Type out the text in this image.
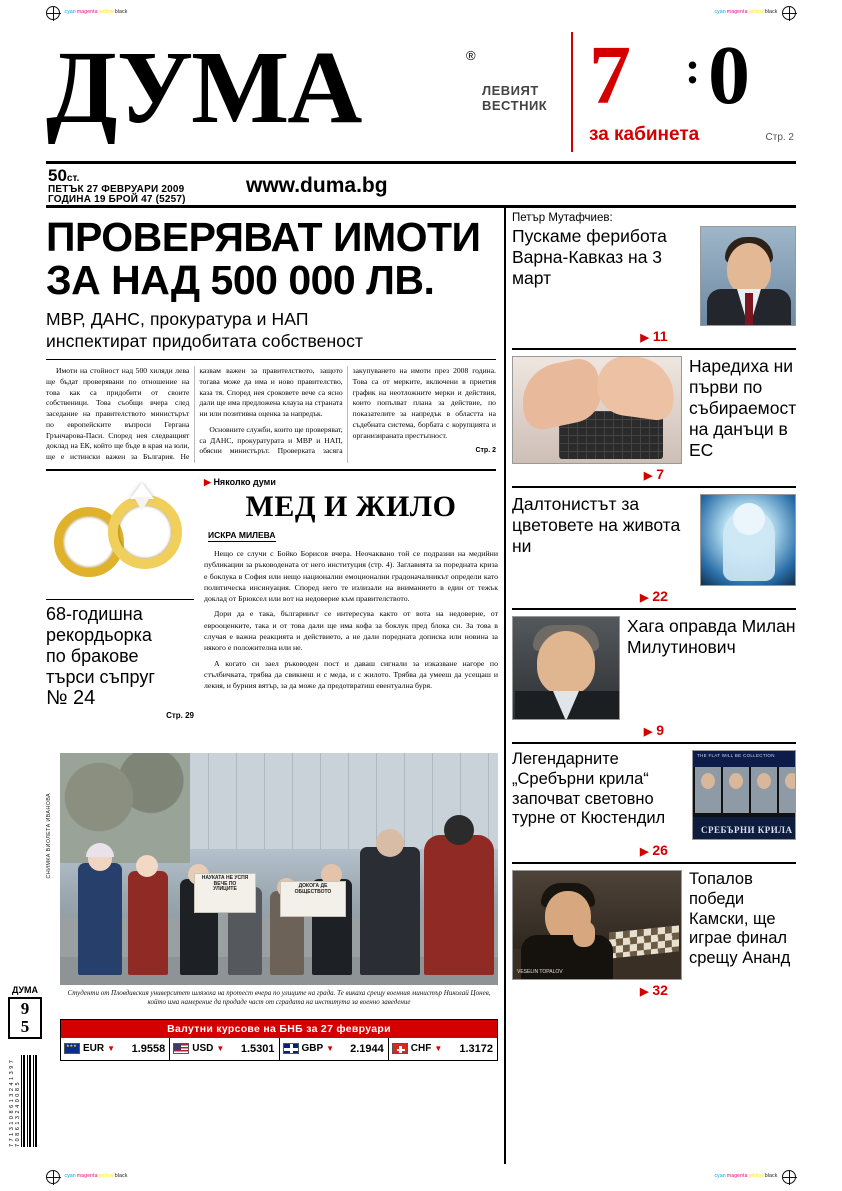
cyanmagentayellowblack	cyanmagentayellowblack
cyanmagentayellowblack	cyanmagentayellowblack
ДУМА	®
ЛЕВИЯТ
ВЕСТНИК 7 : 0
за кабинета	Стр. 2
50ст.
ПЕТЪК 27 ФЕВРУАРИ 2009
ГОДИНА 19 БРОЙ 47 (5257)
www.duma.bg
ПРОВЕРЯВАТ ИМОТИ ЗА НАД 500 000 ЛВ.
МВР, ДАНС, прокуратура и НАП
инспектират придобитата собственост

Имоти на стойност над 500 хиляди лева ще бъдат проверявани по отношение на това как са придобити от своите собственици. Това съобщи вчера след заседание на правителството министърът по европейските въпроси Гергана Грънчарова-Паси. Според нея следващият доклад на ЕК, който ще бъде в края на юли, ще е истински важен за България. Не казвам важен за правителството, защото тогава може да има и ново правителство, каза тя. Според нея сроковете вече са ясно дали ще има предложена клауза на страната ни или позитивна оценка за напредък.

Основните служби, които ще проверяват, са ДАНС, прокуратурата и МВР и НАП, обясни министърът. Проверката засяга закупуването на имоти през 2008 година. Това са от мерките, включени в приетия график на неотложните мерки и действия, които попълват плана за действие, по показателите за напредък в областта на съдебната система, борбата с корупцията и организираната престъпност.

Стр. 2

68-годишна
рекордьорка
по бракове
търси съпруг
№ 24
Стр. 29
▶ Няколко думи
МЕД И ЖИЛО
ИСКРА МИЛЕВА

Нещо се случи с Бойко Борисов вчера. Неочаквано той се подразни на медийни публикации за ръководената от него институция (стр. 4). Заглавията за поредната криза е боклука в София или нещо национални емоционални градоначалникът определи като политическа инсинуация. Според него те излизали на вниманието в един от тежък доклад от Брюксел или вот на недоверие към правителството.

Дори да е така, българинът се интересува както от вота на недоверие, от еврооценките, така и от това дали ще има кофа за боклук пред блока си. За това в случая е важна реакцията и действието, а не дали поредната дописка или новина за някого е положителна или не.

А когато си заел ръководен пост и даваш сигнали за изказване нагоре по стълбичката, трябва да свикнеш и с меда, и с жилото. Трябва да умееш да усещаш и лекия, и бурния вятър, за да може да предотвратиш евентуална буря.

СНИМКА ВИОЛЕТА ИВАНОВА	НАУКАТА НЕ УСПЯ
ВЕЧЕ ПО
УЛИЦИТЕ
ДОКОГА ДЕ
ОБЩЕСТВОТО
Студенти от Пловдивския университет шлязоха на протест вчера по улиците на града. Те викаха срещу военния министър Николай Цонев, който има намерение да продаде част от сградата на института за военно заведение
Валутни курсове на БНБ за 27 февруари
★★★
EUR ▼ 1.9558	USD ▼ 1.5301	GBP ▼ 2.1944	CHF ▼ 1.3172
Петър Мутафчиев:
Пускаме ферибота Варна-Кавказ на 3 март
▶ 11
Наредиха ни първи по събираемост на данъци в ЕС
▶ 7
Далтонистът за цветовете на живота ни
▶ 22
Хага оправда Милан Милутинович
▶ 9
Легендарните „Сребърни крила“ започват световно турне от Кюстендил
THE FLAT WILL BE COLLECTION
СРЕБЪРНИ КРИЛА
▶ 26
VESELIN TOPALOV
Топалов победи Камски, ще играе финал срещу Ананд
▶ 32
ДУМА
9
5
7 7 1 3 1 0 8 6 1 3 2 4 1 3 9 7 7 0 8 6 1 3 2 4 0 0 8 5
